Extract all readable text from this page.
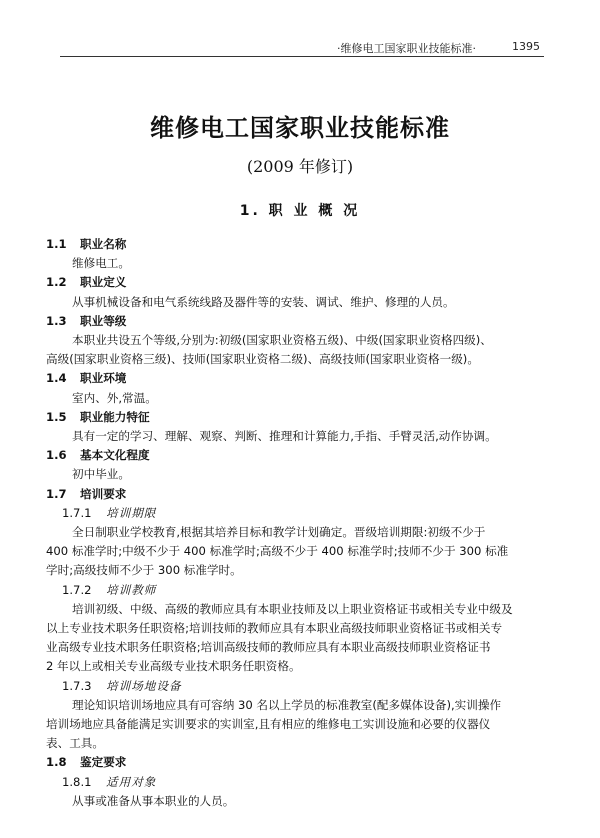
·维修电工国家职业技能标准·	1395
维修电工国家职业技能标准
(2009 年修订)
1. 职 业 概 况
1.1 职业名称
维修电工。
1.2 职业定义
从事机械设备和电气系统线路及器件等的安装、调试、维护、修理的人员。
1.3 职业等级
本职业共设五个等级,分别为:初级(国家职业资格五级)、中级(国家职业资格四级)、
高级(国家职业资格三级)、技师(国家职业资格二级)、高级技师(国家职业资格一级)。
1.4 职业环境
室内、外,常温。
1.5 职业能力特征
具有一定的学习、理解、观察、判断、推理和计算能力,手指、手臂灵活,动作协调。
1.6 基本文化程度
初中毕业。
1.7 培训要求
1.7.1 培训期限
全日制职业学校教育,根据其培养目标和教学计划确定。晋级培训期限:初级不少于
400 标准学时;中级不少于 400 标准学时;高级不少于 400 标准学时;技师不少于 300 标准
学时;高级技师不少于 300 标准学时。
1.7.2 培训教师
培训初级、中级、高级的教师应具有本职业技师及以上职业资格证书或相关专业中级及
以上专业技术职务任职资格;培训技师的教师应具有本职业高级技师职业资格证书或相关专
业高级专业技术职务任职资格;培训高级技师的教师应具有本职业高级技师职业资格证书
2 年以上或相关专业高级专业技术职务任职资格。
1.7.3 培训场地设备
理论知识培训场地应具有可容纳 30 名以上学员的标准教室(配多媒体设备),实训操作
培训场地应具备能满足实训要求的实训室,且有相应的维修电工实训设施和必要的仪器仪
表、工具。
1.8 鉴定要求
1.8.1 适用对象
从事或准备从事本职业的人员。
